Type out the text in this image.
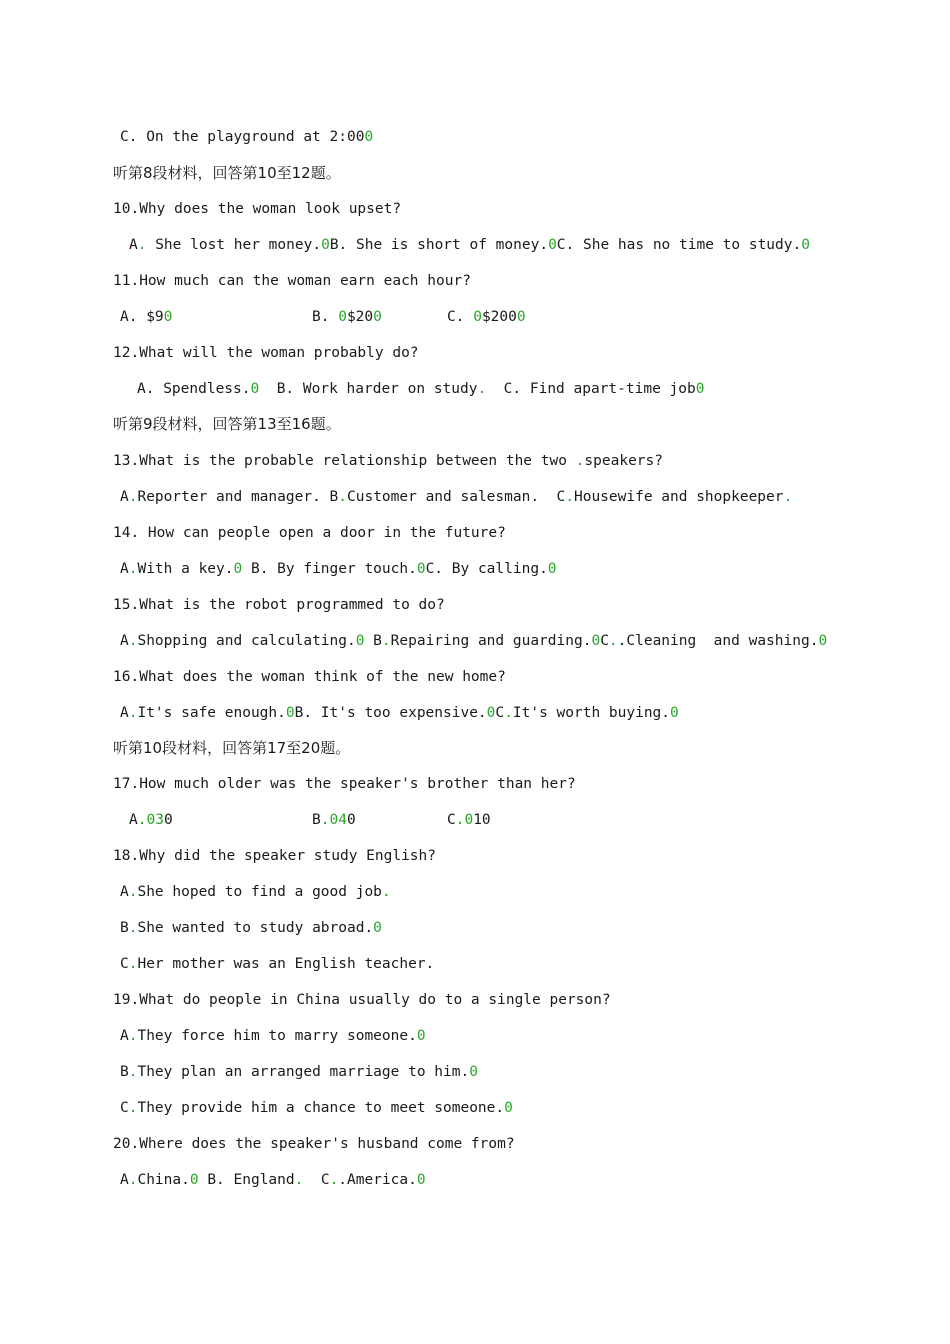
C. On the playground at 2:000
听第8段材料，回答第10至12题。
10.Why does the woman look upset?
A. She lost her money.0B. She is short of money.0C. She has no time to study.0
11.How much can the woman earn each hour?
A. $90	B. 0$200	C. 0$2000
12.What will the woman probably do?
A. Spendless.0  B. Work harder on study.  C. Find apart-time job0
听第9段材料，回答第13至16题。
13.What is the probable relationship between the two .speakers?
A.Reporter and manager. B.Customer and salesman.  C.Housewife and shopkeeper.
14. How can people open a door in the future?
A.With a key.0 B. By finger touch.0C. By calling.0
15.What is the robot programmed to do?
A.Shopping and calculating.0 B.Repairing and guarding.0C..Cleaning  and washing.0
16.What does the woman think of the new home?
A.It's safe enough.0B. It's too expensive.0C.It's worth buying.0
听第10段材料，回答第17至20题。
17.How much older was the speaker's brother than her?
A.030	B.040	C.010
18.Why did the speaker study English?
A.She hoped to find a good job.
B.She wanted to study abroad.0
C.Her mother was an English teacher.
19.What do people in China usually do to a single person?
A.They force him to marry someone.0
B.They plan an arranged marriage to him.0
C.They provide him a chance to meet someone.0
20.Where does the speaker's husband come from?
A.China.0 B. England.  C..America.0
